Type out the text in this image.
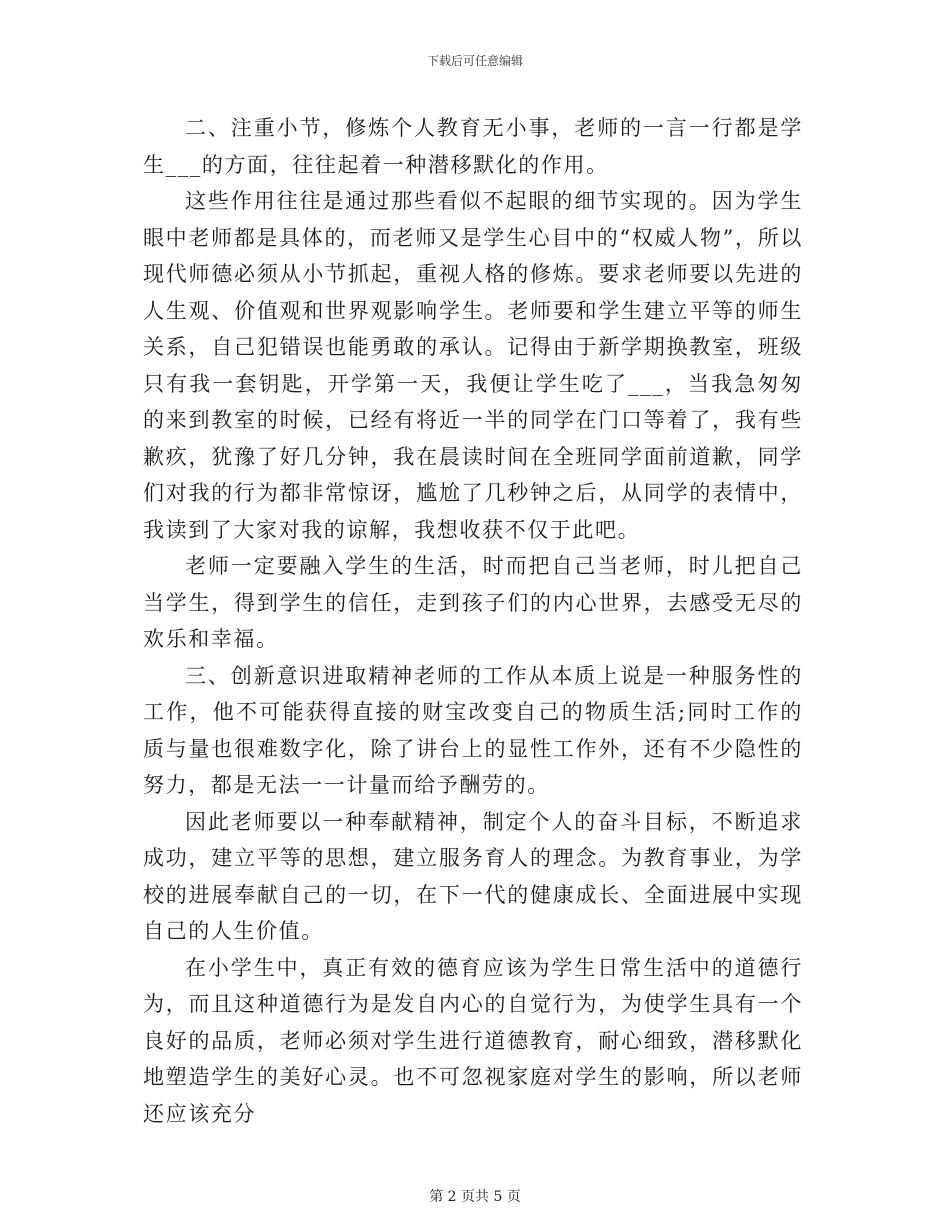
下载后可任意编辑

二、注重小节，修炼个人教育无小事，老师的一言一行都是学生___的方面，往往起着一种潜移默化的作用。

这些作用往往是通过那些看似不起眼的细节实现的。因为学生眼中老师都是具体的，而老师又是学生心目中的“权威人物”，所以现代师德必须从小节抓起，重视人格的修炼。要求老师要以先进的人生观、价值观和世界观影响学生。老师要和学生建立平等的师生关系，自己犯错误也能勇敢的承认。记得由于新学期换教室，班级只有我一套钥匙，开学第一天，我便让学生吃了___，当我急匆匆的来到教室的时候，已经有将近一半的同学在门口等着了，我有些歉疚，犹豫了好几分钟，我在晨读时间在全班同学面前道歉，同学们对我的行为都非常惊讶，尴尬了几秒钟之后，从同学的表情中，我读到了大家对我的谅解，我想收获不仅于此吧。

老师一定要融入学生的生活，时而把自己当老师，时儿把自己当学生，得到学生的信任，走到孩子们的内心世界，去感受无尽的欢乐和幸福。

三、创新意识进取精神老师的工作从本质上说是一种服务性的工作，他不可能获得直接的财宝改变自己的物质生活;同时工作的质与量也很难数字化，除了讲台上的显性工作外，还有不少隐性的努力，都是无法一一计量而给予酬劳的。

因此老师要以一种奉献精神，制定个人的奋斗目标，不断追求成功，建立平等的思想，建立服务育人的理念。为教育事业，为学校的进展奉献自己的一切，在下一代的健康成长、全面进展中实现自己的人生价值。

在小学生中，真正有效的德育应该为学生日常生活中的道德行为，而且这种道德行为是发自内心的自觉行为，为使学生具有一个良好的品质，老师必须对学生进行道德教育，耐心细致，潜移默化地塑造学生的美好心灵。也不可忽视家庭对学生的影响，所以老师还应该充分

第 2 页共 5 页
